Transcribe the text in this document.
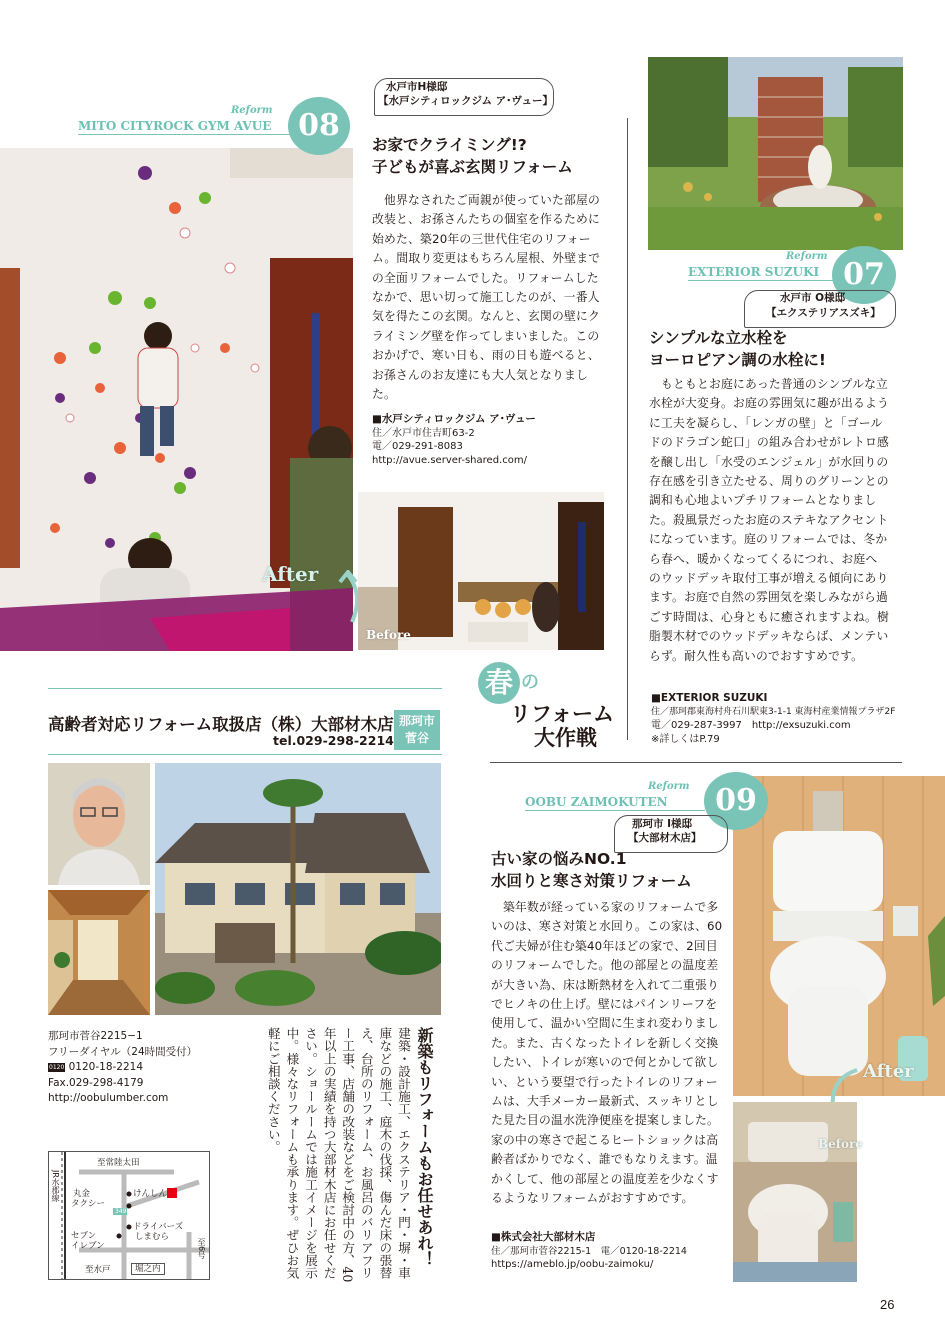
After
Before
Reform
MITO CITYROCK GYM AVUE 08
水戸市H様邸
【水戸シティロックジム ア･ヴュー】
お家でクライミング!?
子どもが喜ぶ玄関リフォーム
他界なされたご両親が使っていた部屋の改装と、お孫さんたちの個室を作るために始めた、築20年の三世代住宅のリフォーム。間取り変更はもちろん屋根、外壁までの全面リフォームでした。リフォームしたなかで、思い切って施工したのが、一番人気を得たこの玄関。なんと、玄関の壁にクライミング壁を作ってしまいました。このおかげで、寒い日も、雨の日も遊べると、お孫さんのお友達にも大人気となりました。
■水戸シティロックジム ア･ヴュー
住／水戸市住吉町63-2
電／029-291-8083
http://avue.server-shared.com/
Reform
EXTERIOR SUZUKI 07
水戸市 O様邸
【エクステリアスズキ】
シンプルな立水栓を
ヨーロピアン調の水栓に!
もともとお庭にあった普通のシンプルな立水栓が大変身。お庭の雰囲気に趣が出るように工夫を凝らし、「レンガの壁」と「ゴールドのドラゴン蛇口」の組み合わせがレトロ感を醸し出し「水受のエンジェル」が水回りの存在感を引き立たせる、周りのグリーンとの調和も心地よいプチリフォームとなりました。殺風景だったお庭のステキなアクセントになっています。庭のリフォームでは、冬から春へ、暖かくなってくるにつれ、お庭へのウッドデッキ取付工事が増える傾向にあります。お庭で自然の雰囲気を楽しみながら過ごす時間は、心身ともに癒されますよね。樹脂製木材でのウッドデッキならば、メンテいらず。耐久性も高いのでおすすめです。
■EXTERIOR SUZUKI
住／那珂郡東海村舟石川駅東3-1-1 東海村産業情報プラザ2F
電／029-287-3997　http://exsuzuki.com
※詳しくはP.79
春 の
リフォーム
大作戦
高齢者対応リフォーム取扱店（株）大部材木店
tel.029-298-2214
那珂市
菅谷
那珂市菅谷2215−1
フリーダイヤル（24時間受付）
0120 0120-18-2214
Fax.029-298-4179
http://oobulumber.com
至常陸太田
JR水郡線 丸金
タクシー
けんしん
349
ドライバーズ
しまむら
セブン
イレブン
至水戸	堀之内
至6号	新築もリフォームもお任せあれ！
建築・設計施工、エクステリア・門・塀・車庫などの施工、庭木の伐採、傷んだ床の張替え、台所のリフォーム、お風呂のバリアフリー工事、店舗の改装などをご検討中の方、40年以上の実績を持つ大部材木店にお任せください。ショールームでは施工イメージを展示中。様々なリフォームも承ります。ぜひお気軽にご相談ください。	After
Before
Reform
OOBU ZAIMOKUTEN	09
那珂市 I様邸
【大部材木店】
古い家の悩みNO.1
水回りと寒さ対策リフォーム
築年数が経っている家のリフォームで多いのは、寒さ対策と水回り。この家は、60代ご夫婦が住む築40年ほどの家で、2回目のリフォームでした。他の部屋との温度差が大きい為、床は断熱材を入れて二重張りでヒノキの仕上げ。壁にはパインリーフを使用して、温かい空間に生まれ変わりました。また、古くなったトイレを新しく交換したい、トイレが寒いので何とかして欲しい、という要望で行ったトイレのリフォームは、大手メーカー最新式、スッキリとした見た目の温水洗浄便座を提案しました。家の中の寒さで起こるヒートショックは高齢者ばかりでなく、誰でもなりえます。温かくして、他の部屋との温度差を少なくするようなリフォームがおすすめです。
■株式会社大部材木店
住／那珂市菅谷2215-1　電／0120-18-2214
https://ameblo.jp/oobu-zaimoku/
26
